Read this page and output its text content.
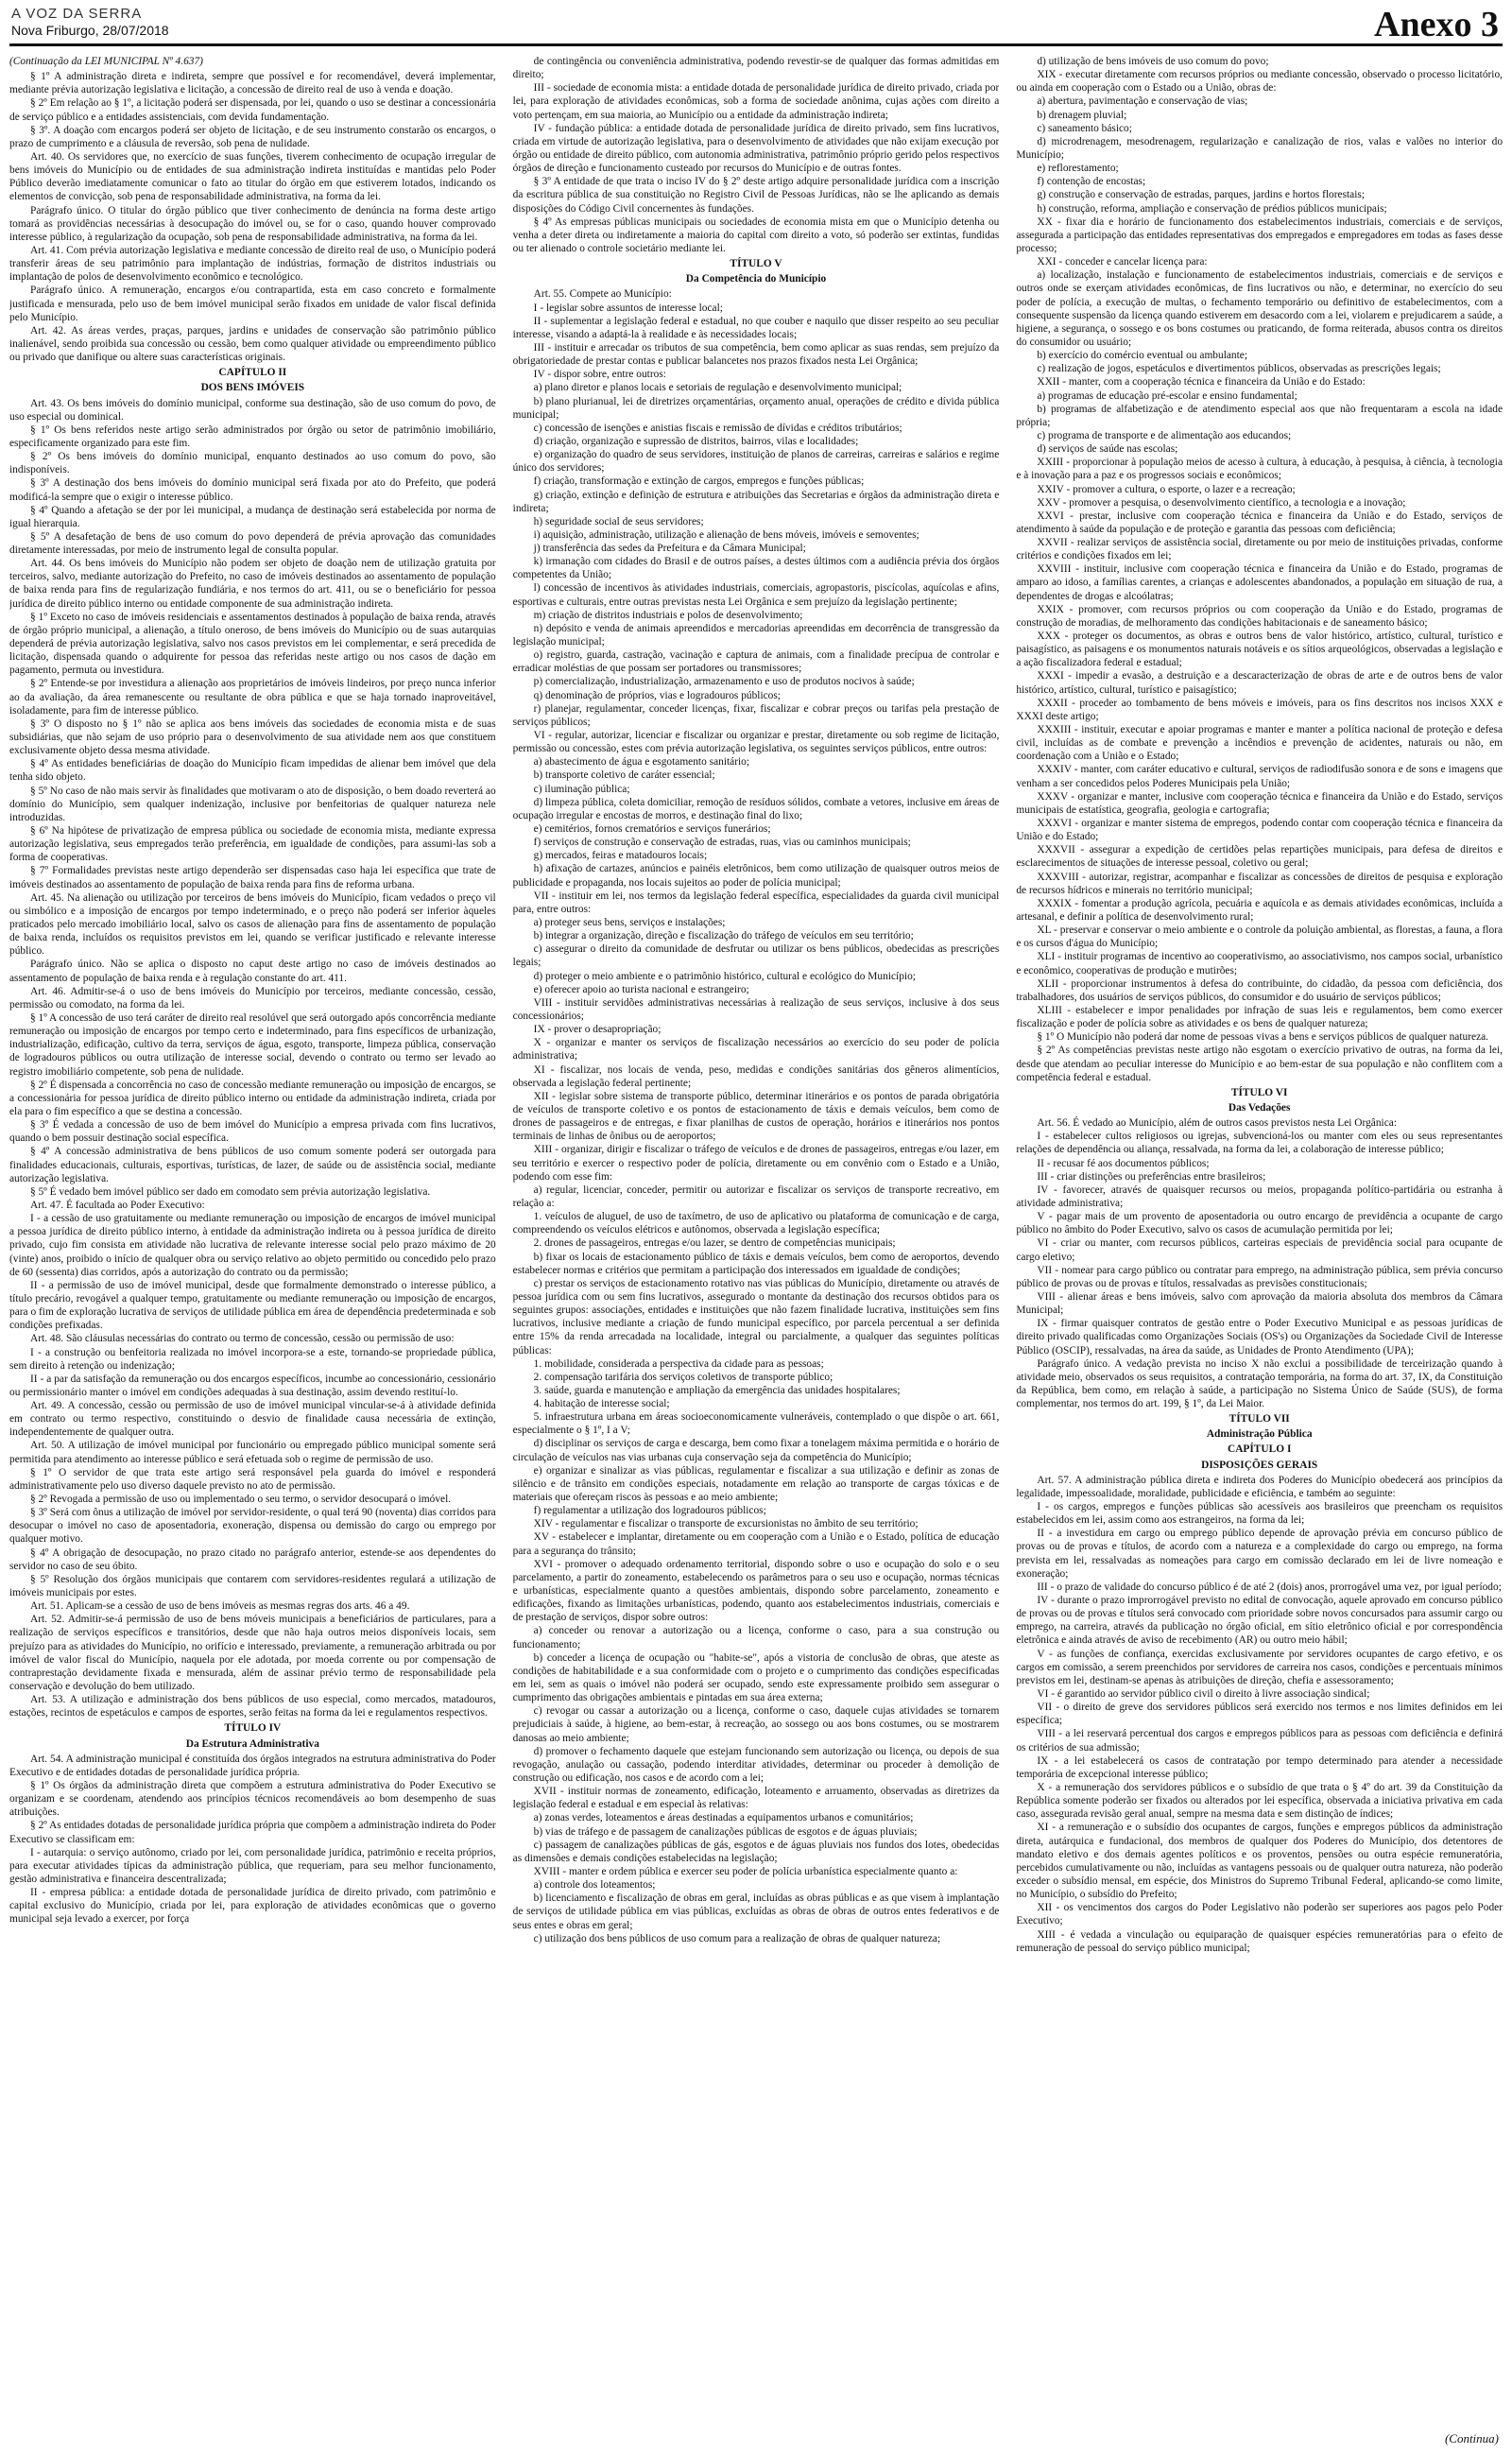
A VOZ DA SERRA
Nova Friburgo, 28/07/2018	Anexo 3

(Continuação da LEI MUNICIPAL Nº 4.637)

§ 1º A administração direta e indireta, sempre que possível e for recomendável, deverá implementar, mediante prévia autorização legislativa e licitação, a concessão de direito real de uso à venda e doação.

§ 2º Em relação ao § 1º, a licitação poderá ser dispensada, por lei, quando o uso se destinar a concessionária de serviço público e a entidades assistenciais, com devida fundamentação.

§ 3º. A doação com encargos poderá ser objeto de licitação, e de seu instrumento constarão os encargos, o prazo de cumprimento e a cláusula de reversão, sob pena de nulidade.

Art. 40. Os servidores que, no exercício de suas funções, tiverem conhecimento de ocupação irregular de bens imóveis do Município ou de entidades de sua administração indireta instituídas e mantidas pelo Poder Público deverão imediatamente comunicar o fato ao titular do órgão em que estiverem lotados, indicando os elementos de convicção, sob pena de responsabilidade administrativa, na forma da lei.

Parágrafo único. O titular do órgão público que tiver conhecimento de denúncia na forma deste artigo tomará as providências necessárias à desocupação do imóvel ou, se for o caso, quando houver comprovado interesse público, à regularização da ocupação, sob pena de responsabilidade administrativa, na forma da lei.

Art. 41. Com prévia autorização legislativa e mediante concessão de direito real de uso, o Município poderá transferir áreas de seu patrimônio para implantação de indústrias, formação de distritos industriais ou implantação de polos de desenvolvimento econômico e tecnológico.

Parágrafo único. A remuneração, encargos e/ou contrapartida, esta em caso concreto e formalmente justificada e mensurada, pelo uso de bem imóvel municipal serão fixados em unidade de valor fiscal definida pelo Município.

Art. 42. As áreas verdes, praças, parques, jardins e unidades de conservação são patrimônio público inalienável, sendo proibida sua concessão ou cessão, bem como qualquer atividade ou empreendimento público ou privado que danifique ou altere suas características originais.

CAPÍTULO II

DOS BENS IMÓVEIS

Art. 43. Os bens imóveis do domínio municipal, conforme sua destinação, são de uso comum do povo, de uso especial ou dominical.

§ 1º Os bens referidos neste artigo serão administrados por órgão ou setor de patrimônio imobiliário, especificamente organizado para este fim.

§ 2º Os bens imóveis do domínio municipal, enquanto destinados ao uso comum do povo, são indisponíveis.

§ 3º A destinação dos bens imóveis do domínio municipal será fixada por ato do Prefeito, que poderá modificá-la sempre que o exigir o interesse público.

§ 4º Quando a afetação se der por lei municipal, a mudança de destinação será estabelecida por norma de igual hierarquia.

§ 5º A desafetação de bens de uso comum do povo dependerá de prévia aprovação das comunidades diretamente interessadas, por meio de instrumento legal de consulta popular.

Art. 44. Os bens imóveis do Município não podem ser objeto de doação nem de utilização gratuita por terceiros, salvo, mediante autorização do Prefeito, no caso de imóveis destinados ao assentamento de população de baixa renda para fins de regularização fundiária, e nos termos do art. 411, ou se o beneficiário for pessoa jurídica de direito público interno ou entidade componente de sua administração indireta.

§ 1º Exceto no caso de imóveis residenciais e assentamentos destinados à população de baixa renda, através de órgão próprio municipal, a alienação, a título oneroso, de bens imóveis do Município ou de suas autarquias dependerá de prévia autorização legislativa, salvo nos casos previstos em lei complementar, e será precedida de licitação, dispensada quando o adquirente for pessoa das referidas neste artigo ou nos casos de dação em pagamento, permuta ou investidura.

§ 2º Entende-se por investidura a alienação aos proprietários de imóveis lindeiros, por preço nunca inferior ao da avaliação, da área remanescente ou resultante de obra pública e que se haja tornado inaproveitável, isoladamente, para fim de interesse público.

§ 3º O disposto no § 1º não se aplica aos bens imóveis das sociedades de economia mista e de suas subsidiárias, que não sejam de uso próprio para o desenvolvimento de sua atividade nem aos que constituem exclusivamente objeto dessa mesma atividade.

§ 4º As entidades beneficiárias de doação do Município ficam impedidas de alienar bem imóvel que dela tenha sido objeto.

§ 5º No caso de não mais servir às finalidades que motivaram o ato de disposição, o bem doado reverterá ao domínio do Município, sem qualquer indenização, inclusive por benfeitorias de qualquer natureza nele introduzidas.

§ 6º Na hipótese de privatização de empresa pública ou sociedade de economia mista, mediante expressa autorização legislativa, seus empregados terão preferência, em igualdade de condições, para assumi-las sob a forma de cooperativas.

§ 7º Formalidades previstas neste artigo dependerão ser dispensadas caso haja lei específica que trate de imóveis destinados ao assentamento de população de baixa renda para fins de reforma urbana.

Art. 45. Na alienação ou utilização por terceiros de bens imóveis do Município, ficam vedados o preço vil ou simbólico e a imposição de encargos por tempo indeterminado, e o preço não poderá ser inferior àqueles praticados pelo mercado imobiliário local, salvo os casos de alienação para fins de assentamento de população de baixa renda, incluídos os requisitos previstos em lei, quando se verificar justificado e relevante interesse público.

Parágrafo único. Não se aplica o disposto no caput deste artigo no caso de imóveis destinados ao assentamento de população de baixa renda e à regulação constante do art. 411.

Art. 46. Admitir-se-á o uso de bens imóveis do Município por terceiros, mediante concessão, cessão, permissão ou comodato, na forma da lei.

§ 1º A concessão de uso terá caráter de direito real resolúvel que será outorgado após concorrência mediante remuneração ou imposição de encargos por tempo certo e indeterminado, para fins específicos de urbanização, industrialização, edificação, cultivo da terra, serviços de água, esgoto, transporte, limpeza pública, conservação de logradouros públicos ou outra utilização de interesse social, devendo o contrato ou termo ser levado ao registro imobiliário competente, sob pena de nulidade.

§ 2º É dispensada a concorrência no caso de concessão mediante remuneração ou imposição de encargos, se a concessionária for pessoa jurídica de direito público interno ou entidade da administração indireta, criada por ela para o fim específico a que se destina a concessão.

§ 3º É vedada a concessão de uso de bem imóvel do Município a empresa privada com fins lucrativos, quando o bem possuir destinação social específica.

§ 4º A concessão administrativa de bens públicos de uso comum somente poderá ser outorgada para finalidades educacionais, culturais, esportivas, turísticas, de lazer, de saúde ou de assistência social, mediante autorização legislativa.

§ 5º É vedado bem imóvel público ser dado em comodato sem prévia autorização legislativa.

Art. 47. É facultada ao Poder Executivo:

I - a cessão de uso gratuitamente ou mediante remuneração ou imposição de encargos de imóvel municipal a pessoa jurídica de direito público interno, à entidade da administração indireta ou à pessoa jurídica de direito privado, cujo fim consista em atividade não lucrativa de relevante interesse social pelo prazo máximo de 20 (vinte) anos, proibido o início de qualquer obra ou serviço relativo ao objeto permitido ou concedido pelo prazo de 60 (sessenta) dias corridos, após a autorização do contrato ou da permissão;

II - a permissão de uso de imóvel municipal, desde que formalmente demonstrado o interesse público, a título precário, revogável a qualquer tempo, gratuitamente ou mediante remuneração ou imposição de encargos, para o fim de exploração lucrativa de serviços de utilidade pública em área de dependência predeterminada e sob condições prefixadas.

Art. 48. São cláusulas necessárias do contrato ou termo de concessão, cessão ou permissão de uso:

I - a construção ou benfeitoria realizada no imóvel incorpora-se a este, tornando-se propriedade pública, sem direito à retenção ou indenização;

II - a par da satisfação da remuneração ou dos encargos específicos, incumbe ao concessionário, cessionário ou permissionário manter o imóvel em condições adequadas à sua destinação, assim devendo restituí-lo.

Art. 49. A concessão, cessão ou permissão de uso de imóvel municipal vincular-se-á à atividade definida em contrato ou termo respectivo, constituindo o desvio de finalidade causa necessária de extinção, independentemente de qualquer outra.

Art. 50. A utilização de imóvel municipal por funcionário ou empregado público municipal somente será permitida para atendimento ao interesse público e será efetuada sob o regime de permissão de uso.

§ 1º O servidor de que trata este artigo será responsável pela guarda do imóvel e responderá administrativamente pelo uso diverso daquele previsto no ato de permissão.

§ 2º Revogada a permissão de uso ou implementado o seu termo, o servidor desocupará o imóvel.

§ 3º Será com ônus a utilização de imóvel por servidor-residente, o qual terá 90 (noventa) dias corridos para desocupar o imóvel no caso de aposentadoria, exoneração, dispensa ou demissão do cargo ou emprego por qualquer motivo.

§ 4º A obrigação de desocupação, no prazo citado no parágrafo anterior, estende-se aos dependentes do servidor no caso de seu óbito.

§ 5º Resolução dos órgãos municipais que contarem com servidores-residentes regulará a utilização de imóveis municipais por estes.

Art. 51. Aplicam-se a cessão de uso de bens imóveis as mesmas regras dos arts. 46 a 49.

Art. 52. Admitir-se-á permissão de uso de bens móveis municipais a beneficiários de particulares, para a realização de serviços específicos e transitórios, desde que não haja outros meios disponíveis locais, sem prejuízo para as atividades do Município, no orifício e interessado, previamente, a remuneração arbitrada ou por imóvel de valor fiscal do Município, naquela por ele adotada, por moeda corrente ou por compensação de contraprestação devidamente fixada e mensurada, além de assinar prévio termo de responsabilidade pela conservação e devolução do bem utilizado.

Art. 53. A utilização e administração dos bens públicos de uso especial, como mercados, matadouros, estações, recintos de espetáculos e campos de esportes, serão feitas na forma da lei e regulamentos respectivos.

TÍTULO IV

Da Estrutura Administrativa

Art. 54. A administração municipal é constituída dos órgãos integrados na estrutura administrativa do Poder Executivo e de entidades dotadas de personalidade jurídica própria.

§ 1º Os órgãos da administração direta que compõem a estrutura administrativa do Poder Executivo se organizam e se coordenam, atendendo aos princípios técnicos recomendáveis ao bom desempenho de suas atribuições.

§ 2º As entidades dotadas de personalidade jurídica própria que compõem a administração indireta do Poder Executivo se classificam em:

I - autarquia: o serviço autônomo, criado por lei, com personalidade jurídica, patrimônio e receita próprios, para executar atividades típicas da administração pública, que requeriam, para seu melhor funcionamento, gestão administrativa e financeira descentralizada;

II - empresa pública: a entidade dotada de personalidade jurídica de direito privado, com patrimônio e capital exclusivo do Município, criada por lei, para exploração de atividades econômicas que o governo municipal seja levado a exercer, por força

de contingência ou conveniência administrativa, podendo revestir-se de qualquer das formas admitidas em direito;

III - sociedade de economia mista: a entidade dotada de personalidade jurídica de direito privado, criada por lei, para exploração de atividades econômicas, sob a forma de sociedade anônima, cujas ações com direito a voto pertençam, em sua maioria, ao Município ou a entidade da administração indireta;

IV - fundação pública: a entidade dotada de personalidade jurídica de direito privado, sem fins lucrativos, criada em virtude de autorização legislativa, para o desenvolvimento de atividades que não exijam execução por órgão ou entidade de direito público, com autonomia administrativa, patrimônio próprio gerido pelos respectivos órgãos de direção e funcionamento custeado por recursos do Município e de outras fontes.

§ 3º A entidade de que trata o inciso IV do § 2º deste artigo adquire personalidade jurídica com a inscrição da escritura pública de sua constituição no Registro Civil de Pessoas Jurídicas, não se lhe aplicando as demais disposições do Código Civil concernentes às fundações.

§ 4º As empresas públicas municipais ou sociedades de economia mista em que o Município detenha ou venha a deter direta ou indiretamente a maioria do capital com direito a voto, só poderão ser extintas, fundidas ou ter alienado o controle societário mediante lei.

TÍTULO V

Da Competência do Município

Art. 55. Compete ao Município:

I - legislar sobre assuntos de interesse local;

II - suplementar a legislação federal e estadual, no que couber e naquilo que disser respeito ao seu peculiar interesse, visando a adaptá-la à realidade e às necessidades locais;

III - instituir e arrecadar os tributos de sua competência, bem como aplicar as suas rendas, sem prejuízo da obrigatoriedade de prestar contas e publicar balancetes nos prazos fixados nesta Lei Orgânica;

IV - dispor sobre, entre outros:

a) plano diretor e planos locais e setoriais de regulação e desenvolvimento municipal;

b) plano plurianual, lei de diretrizes orçamentárias, orçamento anual, operações de crédito e dívida pública municipal;

c) concessão de isenções e anistias fiscais e remissão de dívidas e créditos tributários;

d) criação, organização e supressão de distritos, bairros, vilas e localidades;

e) organização do quadro de seus servidores, instituição de planos de carreiras, carreiras e salários e regime único dos servidores;

f) criação, transformação e extinção de cargos, empregos e funções públicas;

g) criação, extinção e definição de estrutura e atribuições das Secretarias e órgãos da administração direta e indireta;

h) seguridade social de seus servidores;

i) aquisição, administração, utilização e alienação de bens móveis, imóveis e semoventes;

j) transferência das sedes da Prefeitura e da Câmara Municipal;

k) irmanação com cidades do Brasil e de outros países, a destes últimos com a audiência prévia dos órgãos competentes da União;

l) concessão de incentivos às atividades industriais, comerciais, agropastoris, piscícolas, aquícolas e afins, esportivas e culturais, entre outras previstas nesta Lei Orgânica e sem prejuízo da legislação pertinente;

m) criação de distritos industriais e polos de desenvolvimento;

n) depósito e venda de animais apreendidos e mercadorias apreendidas em decorrência de transgressão da legislação municipal;

o) registro, guarda, castração, vacinação e captura de animais, com a finalidade precípua de controlar e erradicar moléstias de que possam ser portadores ou transmissores;

p) comercialização, industrialização, armazenamento e uso de produtos nocivos à saúde;

q) denominação de próprios, vias e logradouros públicos;

r) planejar, regulamentar, conceder licenças, fixar, fiscalizar e cobrar preços ou tarifas pela prestação de serviços públicos;

VI - regular, autorizar, licenciar e fiscalizar ou organizar e prestar, diretamente ou sob regime de licitação, permissão ou concessão, estes com prévia autorização legislativa, os seguintes serviços públicos, entre outros:

a) abastecimento de água e esgotamento sanitário;

b) transporte coletivo de caráter essencial;

c) iluminação pública;

d) limpeza pública, coleta domiciliar, remoção de resíduos sólidos, combate a vetores, inclusive em áreas de ocupação irregular e encostas de morros, e destinação final do lixo;

e) cemitérios, fornos crematórios e serviços funerários;

f) serviços de construção e conservação de estradas, ruas, vias ou caminhos municipais;

g) mercados, feiras e matadouros locais;

h) afixação de cartazes, anúncios e painéis eletrônicos, bem como utilização de quaisquer outros meios de publicidade e propaganda, nos locais sujeitos ao poder de polícia municipal;

VII - instituir em lei, nos termos da legislação federal específica, especialidades da guarda civil municipal para, entre outros:

a) proteger seus bens, serviços e instalações;

b) integrar a organização, direção e fiscalização do tráfego de veículos em seu território;

c) assegurar o direito da comunidade de desfrutar ou utilizar os bens públicos, obedecidas as prescrições legais;

d) proteger o meio ambiente e o patrimônio histórico, cultural e ecológico do Município;

e) oferecer apoio ao turista nacional e estrangeiro;

VIII - instituir servidões administrativas necessárias à realização de seus serviços, inclusive à dos seus concessionários;

IX - prover o desapropriação;

X - organizar e manter os serviços de fiscalização necessários ao exercício do seu poder de polícia administrativa;

XI - fiscalizar, nos locais de venda, peso, medidas e condições sanitárias dos gêneros alimentícios, observada a legislação federal pertinente;

XII - legislar sobre sistema de transporte público, determinar itinerários e os pontos de parada obrigatória de veículos de transporte coletivo e os pontos de estacionamento de táxis e demais veículos, bem como de drones de passageiros e de entregas, e fixar planilhas de custos de operação, horários e itinerários nos pontos terminais de linhas de ônibus ou de aeroportos;

XIII - organizar, dirigir e fiscalizar o tráfego de veículos e de drones de passageiros, entregas e/ou lazer, em seu território e exercer o respectivo poder de polícia, diretamente ou em convênio com o Estado e a União, podendo com esse fim:

a) regular, licenciar, conceder, permitir ou autorizar e fiscalizar os serviços de transporte recreativo, em relação a:

1. veículos de aluguel, de uso de taxímetro, de uso de aplicativo ou plataforma de comunicação e de carga, compreendendo os veículos elétricos e autônomos, observada a legislação específica;

2. drones de passageiros, entregas e/ou lazer, se dentro de competências municipais;

b) fixar os locais de estacionamento público de táxis e demais veículos, bem como de aeroportos, devendo estabelecer normas e critérios que permitam a participação dos interessados em igualdade de condições;

c) prestar os serviços de estacionamento rotativo nas vias públicas do Município, diretamente ou através de pessoa jurídica com ou sem fins lucrativos, assegurado o montante da destinação dos recursos obtidos para os seguintes grupos: associações, entidades e instituições que não fazem finalidade lucrativa, instituições sem fins lucrativos, inclusive mediante a criação de fundo municipal específico, por parcela percentual a ser definida entre 15% da renda arrecadada na localidade, integral ou parcialmente, a qualquer das seguintes políticas públicas:

1. mobilidade, considerada a perspectiva da cidade para as pessoas;

2. compensação tarifária dos serviços coletivos de transporte público;

3. saúde, guarda e manutenção e ampliação da emergência das unidades hospitalares;

4. habitação de interesse social;

5. infraestrutura urbana em áreas socioeconomicamente vulneráveis, contemplado o que dispõe o art. 661, especialmente o § 1º, I a V;

d) disciplinar os serviços de carga e descarga, bem como fixar a tonelagem máxima permitida e o horário de circulação de veículos nas vias urbanas cuja conservação seja da competência do Município;

e) organizar e sinalizar as vias públicas, regulamentar e fiscalizar a sua utilização e definir as zonas de silêncio e de trânsito em condições especiais, notadamente em relação ao transporte de cargas tóxicas e de materiais que ofereçam riscos às pessoas e ao meio ambiente;

f) regulamentar a utilização dos logradouros públicos;

XIV - regulamentar e fiscalizar o transporte de excursionistas no âmbito de seu território;

XV - estabelecer e implantar, diretamente ou em cooperação com a União e o Estado, política de educação para a segurança do trânsito;

XVI - promover o adequado ordenamento territorial, dispondo sobre o uso e ocupação do solo e o seu parcelamento, a partir do zoneamento, estabelecendo os parâmetros para o seu uso e ocupação, normas técnicas e urbanísticas, especialmente quanto a questões ambientais, dispondo sobre parcelamento, zoneamento e edificações, fixando as limitações urbanísticas, podendo, quanto aos estabelecimentos industriais, comerciais e de prestação de serviços, dispor sobre outros:

a) conceder ou renovar a autorização ou a licença, conforme o caso, para a sua construção ou funcionamento;

b) conceder a licença de ocupação ou "habite-se", após a vistoria de conclusão de obras, que ateste as condições de habitabilidade e a sua conformidade com o projeto e o cumprimento das condições especificadas em lei, sem as quais o imóvel não poderá ser ocupado, sendo este expressamente proibido sem assegurar o cumprimento das obrigações ambientais e pintadas em sua área externa;

c) revogar ou cassar a autorização ou a licença, conforme o caso, daquele cujas atividades se tornarem prejudiciais à saúde, à higiene, ao bem-estar, à recreação, ao sossego ou aos bons costumes, ou se mostrarem danosas ao meio ambiente;

d) promover o fechamento daquele que estejam funcionando sem autorização ou licença, ou depois de sua revogação, anulação ou cassação, podendo interditar atividades, determinar ou proceder à demolição de construção ou edificação, nos casos e de acordo com a lei;

XVII - instituir normas de zoneamento, edificação, loteamento e arruamento, observadas as diretrizes da legislação federal e estadual e em especial às relativas:

a) zonas verdes, loteamentos e áreas destinadas a equipamentos urbanos e comunitários;

b) vias de tráfego e de passagem de canalizações públicas de esgotos e de águas pluviais;

c) passagem de canalizações públicas de gás, esgotos e de águas pluviais nos fundos dos lotes, obedecidas as dimensões e demais condições estabelecidas na legislação;

XVIII - manter e ordem pública e exercer seu poder de polícia urbanística especialmente quanto a:

a) controle dos loteamentos;

b) licenciamento e fiscalização de obras em geral, incluídas as obras públicas e as que visem à implantação de serviços de utilidade pública em vias públicas, excluídas as obras de obras de outros entes federativos e de seus entes e obras em geral;

c) utilização dos bens públicos de uso comum para a realização de obras de qualquer natureza;

d) utilização de bens imóveis de uso comum do povo;

XIX - executar diretamente com recursos próprios ou mediante concessão, observado o processo licitatório, ou ainda em cooperação com o Estado ou a União, obras de:

a) abertura, pavimentação e conservação de vias;

b) drenagem pluvial;

c) saneamento básico;

d) microdrenagem, mesodrenagem, regularização e canalização de rios, valas e valões no interior do Município;

e) reflorestamento;

f) contenção de encostas;

g) construção e conservação de estradas, parques, jardins e hortos florestais;

h) construção, reforma, ampliação e conservação de prédios públicos municipais;

XX - fixar dia e horário de funcionamento dos estabelecimentos industriais, comerciais e de serviços, assegurada a participação das entidades representativas dos empregados e empregadores em todas as fases desse processo;

XXI - conceder e cancelar licença para:

a) localização, instalação e funcionamento de estabelecimentos industriais, comerciais e de serviços e outros onde se exerçam atividades econômicas, de fins lucrativos ou não, e determinar, no exercício do seu poder de polícia, a execução de multas, o fechamento temporário ou definitivo de estabelecimentos, com a consequente suspensão da licença quando estiverem em desacordo com a lei, violarem e prejudicarem a saúde, a higiene, a segurança, o sossego e os bons costumes ou praticando, de forma reiterada, abusos contra os direitos do consumidor ou usuário;

b) exercício do comércio eventual ou ambulante;

c) realização de jogos, espetáculos e divertimentos públicos, observadas as prescrições legais;

XXII - manter, com a cooperação técnica e financeira da União e do Estado:

a) programas de educação pré-escolar e ensino fundamental;

b) programas de alfabetização e de atendimento especial aos que não frequentaram a escola na idade própria;

c) programa de transporte e de alimentação aos educandos;

d) serviços de saúde nas escolas;

XXIII - proporcionar à população meios de acesso à cultura, à educação, à pesquisa, à ciência, à tecnologia e à inovação para a paz e os progressos sociais e econômicos;

XXIV - promover a cultura, o esporte, o lazer e a recreação;

XXV - promover a pesquisa, o desenvolvimento científico, a tecnologia e a inovação;

XXVI - prestar, inclusive com cooperação técnica e financeira da União e do Estado, serviços de atendimento à saúde da população e de proteção e garantia das pessoas com deficiência;

XXVII - realizar serviços de assistência social, diretamente ou por meio de instituições privadas, conforme critérios e condições fixados em lei;

XXVIII - instituir, inclusive com cooperação técnica e financeira da União e do Estado, programas de amparo ao idoso, a famílias carentes, a crianças e adolescentes abandonados, a população em situação de rua, a dependentes de drogas e alcoólatras;

XXIX - promover, com recursos próprios ou com cooperação da União e do Estado, programas de construção de moradias, de melhoramento das condições habitacionais e de saneamento básico;

XXX - proteger os documentos, as obras e outros bens de valor histórico, artístico, cultural, turístico e paisagístico, as paisagens e os monumentos naturais notáveis e os sítios arqueológicos, observadas a legislação e a ação fiscalizadora federal e estadual;

XXXI - impedir a evasão, a destruição e a descaracterização de obras de arte e de outros bens de valor histórico, artístico, cultural, turístico e paisagístico;

XXXII - proceder ao tombamento de bens móveis e imóveis, para os fins descritos nos incisos XXX e XXXI deste artigo;

XXXIII - instituir, executar e apoiar programas e manter e manter a política nacional de proteção e defesa civil, incluídas as de combate e prevenção a incêndios e prevenção de acidentes, naturais ou não, em coordenação com a União e o Estado;

XXXIV - manter, com caráter educativo e cultural, serviços de radiodifusão sonora e de sons e imagens que venham a ser concedidos pelos Poderes Municipais pela União;

XXXV - organizar e manter, inclusive com cooperação técnica e financeira da União e do Estado, serviços municipais de estatística, geografia, geologia e cartografia;

XXXVI - organizar e manter sistema de empregos, podendo contar com cooperação técnica e financeira da União e do Estado;

XXXVII - assegurar a expedição de certidões pelas repartições municipais, para defesa de direitos e esclarecimentos de situações de interesse pessoal, coletivo ou geral;

XXXVIII - autorizar, registrar, acompanhar e fiscalizar as concessões de direitos de pesquisa e exploração de recursos hídricos e minerais no território municipal;

XXXIX - fomentar a produção agrícola, pecuária e aquícola e as demais atividades econômicas, incluída a artesanal, e definir a política de desenvolvimento rural;

XL - preservar e conservar o meio ambiente e o controle da poluição ambiental, as florestas, a fauna, a flora e os cursos d'água do Município;

XLI - instituir programas de incentivo ao cooperativismo, ao associativismo, nos campos social, urbanístico e econômico, cooperativas de produção e mutirões;

XLII - proporcionar instrumentos à defesa do contribuinte, do cidadão, da pessoa com deficiência, dos trabalhadores, dos usuários de serviços públicos, do consumidor e do usuário de serviços públicos;

XLIII - estabelecer e impor penalidades por infração de suas leis e regulamentos, bem como exercer fiscalização e poder de polícia sobre as atividades e os bens de qualquer natureza;

§ 1º O Município não poderá dar nome de pessoas vivas a bens e serviços públicos de qualquer natureza.

§ 2º As competências previstas neste artigo não esgotam o exercício privativo de outras, na forma da lei, desde que atendam ao peculiar interesse do Município e ao bem-estar de sua população e não conflitem com a competência federal e estadual.

TÍTULO VI

Das Vedações

Art. 56. É vedado ao Município, além de outros casos previstos nesta Lei Orgânica:

I - estabelecer cultos religiosos ou igrejas, subvencioná-los ou manter com eles ou seus representantes relações de dependência ou aliança, ressalvada, na forma da lei, a colaboração de interesse público;

II - recusar fé aos documentos públicos;

III - criar distinções ou preferências entre brasileiros;

IV - favorecer, através de quaisquer recursos ou meios, propaganda político-partidária ou estranha à atividade administrativa;

V - pagar mais de um provento de aposentadoria ou outro encargo de previdência a ocupante de cargo público no âmbito do Poder Executivo, salvo os casos de acumulação permitida por lei;

VI - criar ou manter, com recursos públicos, carteiras especiais de previdência social para ocupante de cargo eletivo;

VII - nomear para cargo público ou contratar para emprego, na administração pública, sem prévia concurso público de provas ou de provas e títulos, ressalvadas as previsões constitucionais;

VIII - alienar áreas e bens imóveis, salvo com aprovação da maioria absoluta dos membros da Câmara Municipal;

IX - firmar quaisquer contratos de gestão entre o Poder Executivo Municipal e as pessoas jurídicas de direito privado qualificadas como Organizações Sociais (OS's) ou Organizações da Sociedade Civil de Interesse Público (OSCIP), ressalvadas, na área da saúde, as Unidades de Pronto Atendimento (UPA);

Parágrafo único. A vedação prevista no inciso X não exclui a possibilidade de terceirização quando à atividade meio, observados os seus requisitos, a contratação temporária, na forma do art. 37, IX, da Constituição da República, bem como, em relação à saúde, a participação no Sistema Único de Saúde (SUS), de forma complementar, nos termos do art. 199, § 1º, da Lei Maior.

TÍTULO VII

Administração Pública

CAPÍTULO I

DISPOSIÇÕES GERAIS

Art. 57. A administração pública direta e indireta dos Poderes do Município obedecerá aos princípios da legalidade, impessoalidade, moralidade, publicidade e eficiência, e também ao seguinte:

I - os cargos, empregos e funções públicas são acessíveis aos brasileiros que preencham os requisitos estabelecidos em lei, assim como aos estrangeiros, na forma da lei;

II - a investidura em cargo ou emprego público depende de aprovação prévia em concurso público de provas ou de provas e títulos, de acordo com a natureza e a complexidade do cargo ou emprego, na forma prevista em lei, ressalvadas as nomeações para cargo em comissão declarado em lei de livre nomeação e exoneração;

III - o prazo de validade do concurso público é de até 2 (dois) anos, prorrogável uma vez, por igual período;

IV - durante o prazo improrrogável previsto no edital de convocação, aquele aprovado em concurso público de provas ou de provas e títulos será convocado com prioridade sobre novos concursados para assumir cargo ou emprego, na carreira, através da publicação no órgão oficial, em sítio eletrônico oficial e por correspondência eletrônica e ainda através de aviso de recebimento (AR) ou outro meio hábil;

V - as funções de confiança, exercidas exclusivamente por servidores ocupantes de cargo efetivo, e os cargos em comissão, a serem preenchidos por servidores de carreira nos casos, condições e percentuais mínimos previstos em lei, destinam-se apenas às atribuições de direção, chefia e assessoramento;

VI - é garantido ao servidor público civil o direito à livre associação sindical;

VII - o direito de greve dos servidores públicos será exercido nos termos e nos limites definidos em lei específica;

VIII - a lei reservará percentual dos cargos e empregos públicos para as pessoas com deficiência e definirá os critérios de sua admissão;

IX - a lei estabelecerá os casos de contratação por tempo determinado para atender a necessidade temporária de excepcional interesse público;

X - a remuneração dos servidores públicos e o subsídio de que trata o § 4º do art. 39 da Constituição da República somente poderão ser fixados ou alterados por lei específica, observada a iniciativa privativa em cada caso, assegurada revisão geral anual, sempre na mesma data e sem distinção de índices;

XI - a remuneração e o subsídio dos ocupantes de cargos, funções e empregos públicos da administração direta, autárquica e fundacional, dos membros de qualquer dos Poderes do Município, dos detentores de mandato eletivo e dos demais agentes políticos e os proventos, pensões ou outra espécie remuneratória, percebidos cumulativamente ou não, incluídas as vantagens pessoais ou de qualquer outra natureza, não poderão exceder o subsídio mensal, em espécie, dos Ministros do Supremo Tribunal Federal, aplicando-se como limite, no Município, o subsídio do Prefeito;

XII - os vencimentos dos cargos do Poder Legislativo não poderão ser superiores aos pagos pelo Poder Executivo;

XIII - é vedada a vinculação ou equiparação de quaisquer espécies remuneratórias para o efeito de remuneração de pessoal do serviço público municipal;

(Continua)
